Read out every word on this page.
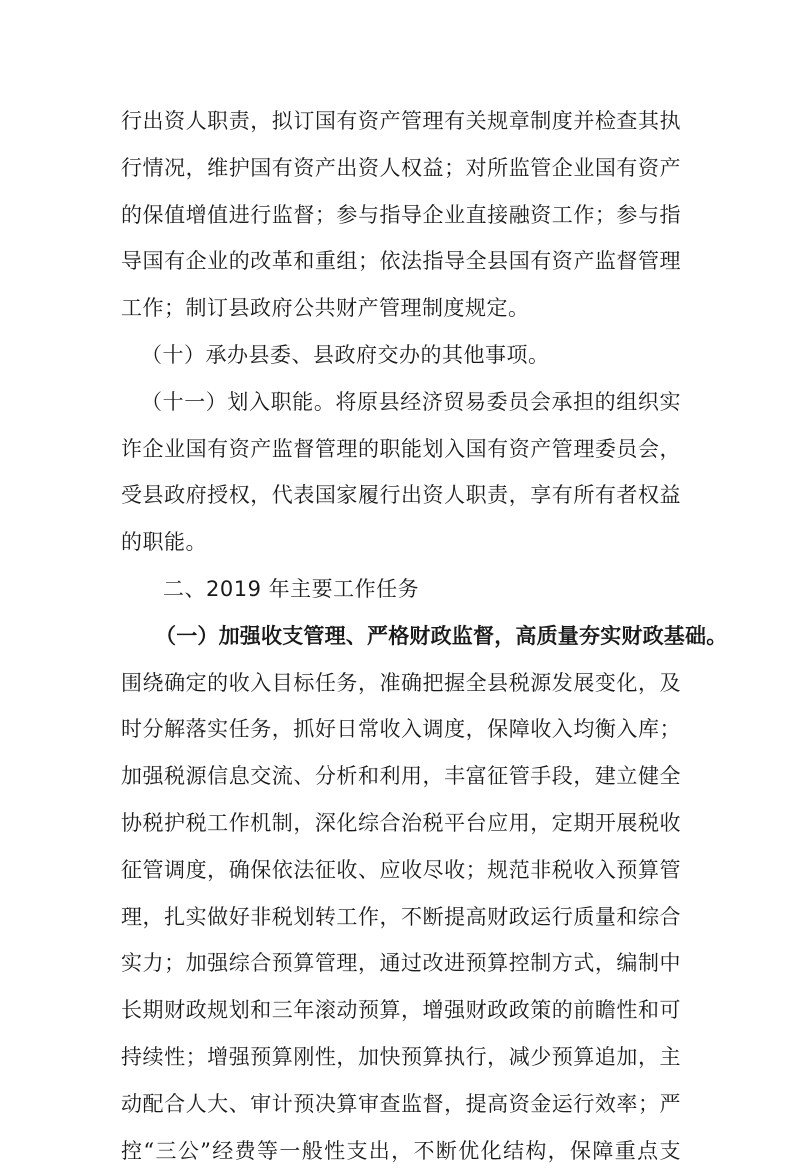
行出资人职责，拟订国有资产管理有关规章制度并检查其执
行情况，维护国有资产出资人权益；对所监管企业国有资产
的保值增值进行监督；参与指导企业直接融资工作；参与指
导国有企业的改革和重组；依法指导全县国有资产监督管理
工作；制订县政府公共财产管理制度规定。
（十）承办县委、县政府交办的其他事项。
（十一）划入职能。将原县经济贸易委员会承担的组织实
诈企业国有资产监督管理的职能划入国有资产管理委员会，
受县政府授权，代表国家履行出资人职责，享有所有者权益
的职能。
二、2019 年主要工作任务
（一）加强收支管理、严格财政监督，高质量夯实财政基础。
围绕确定的收入目标任务，准确把握全县税源发展变化，及
时分解落实任务，抓好日常收入调度，保障收入均衡入库；
加强税源信息交流、分析和利用，丰富征管手段，建立健全
协税护税工作机制，深化综合治税平台应用，定期开展税收
征管调度，确保依法征收、应收尽收；规范非税收入预算管
理，扎实做好非税划转工作，不断提高财政运行质量和综合
实力；加强综合预算管理，通过改进预算控制方式，编制中
长期财政规划和三年滚动预算，增强财政政策的前瞻性和可
持续性；增强预算刚性，加快预算执行，减少预算追加，主
动配合人大、审计预决算审查监督，提高资金运行效率；严
控“三公”经费等一般性支出，不断优化结构，保障重点支
